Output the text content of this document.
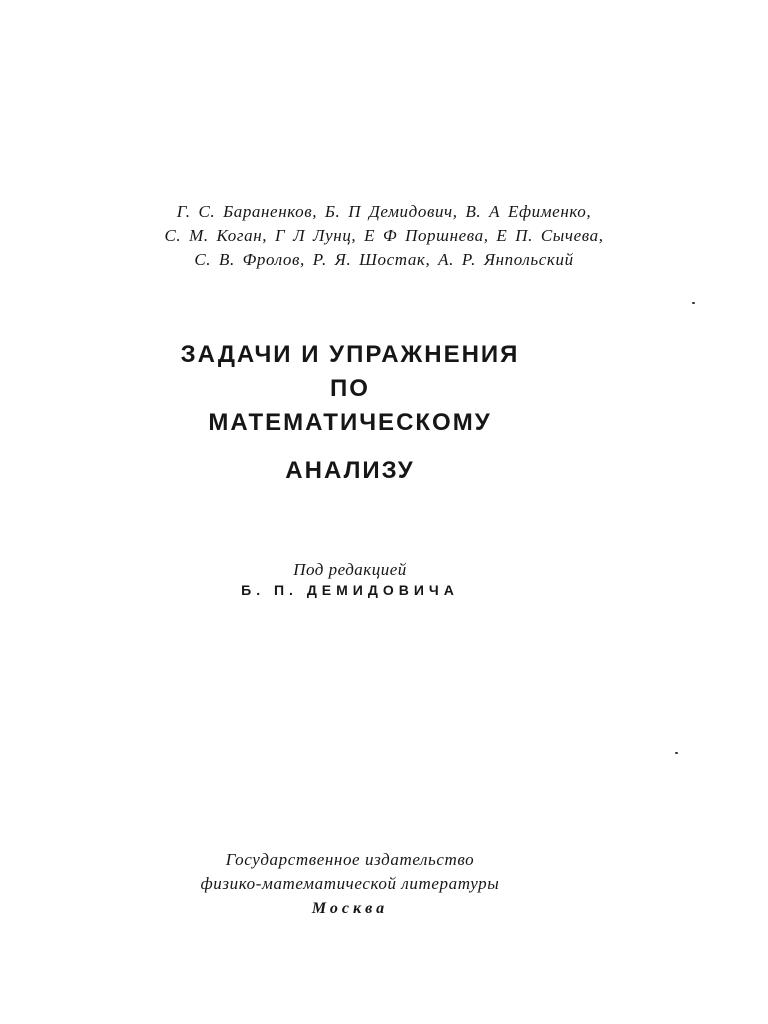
Г. С. Бараненков, Б. П Демидович, В. А Ефименко,
С. М. Коган, Г Л Лунц, Е Ф Поршнева, Е П. Сычева,
С. В. Фролов, Р. Я. Шостак, А. Р. Янпольский
ЗАДАЧИ И УПРАЖНЕНИЯ
ПО
МАТЕМАТИЧЕСКОМУ
АНАЛИЗУ
Под редакцией
Б. П. ДЕМИДОВИЧА
Государственное издательство
физико-математической литературы
Москва
